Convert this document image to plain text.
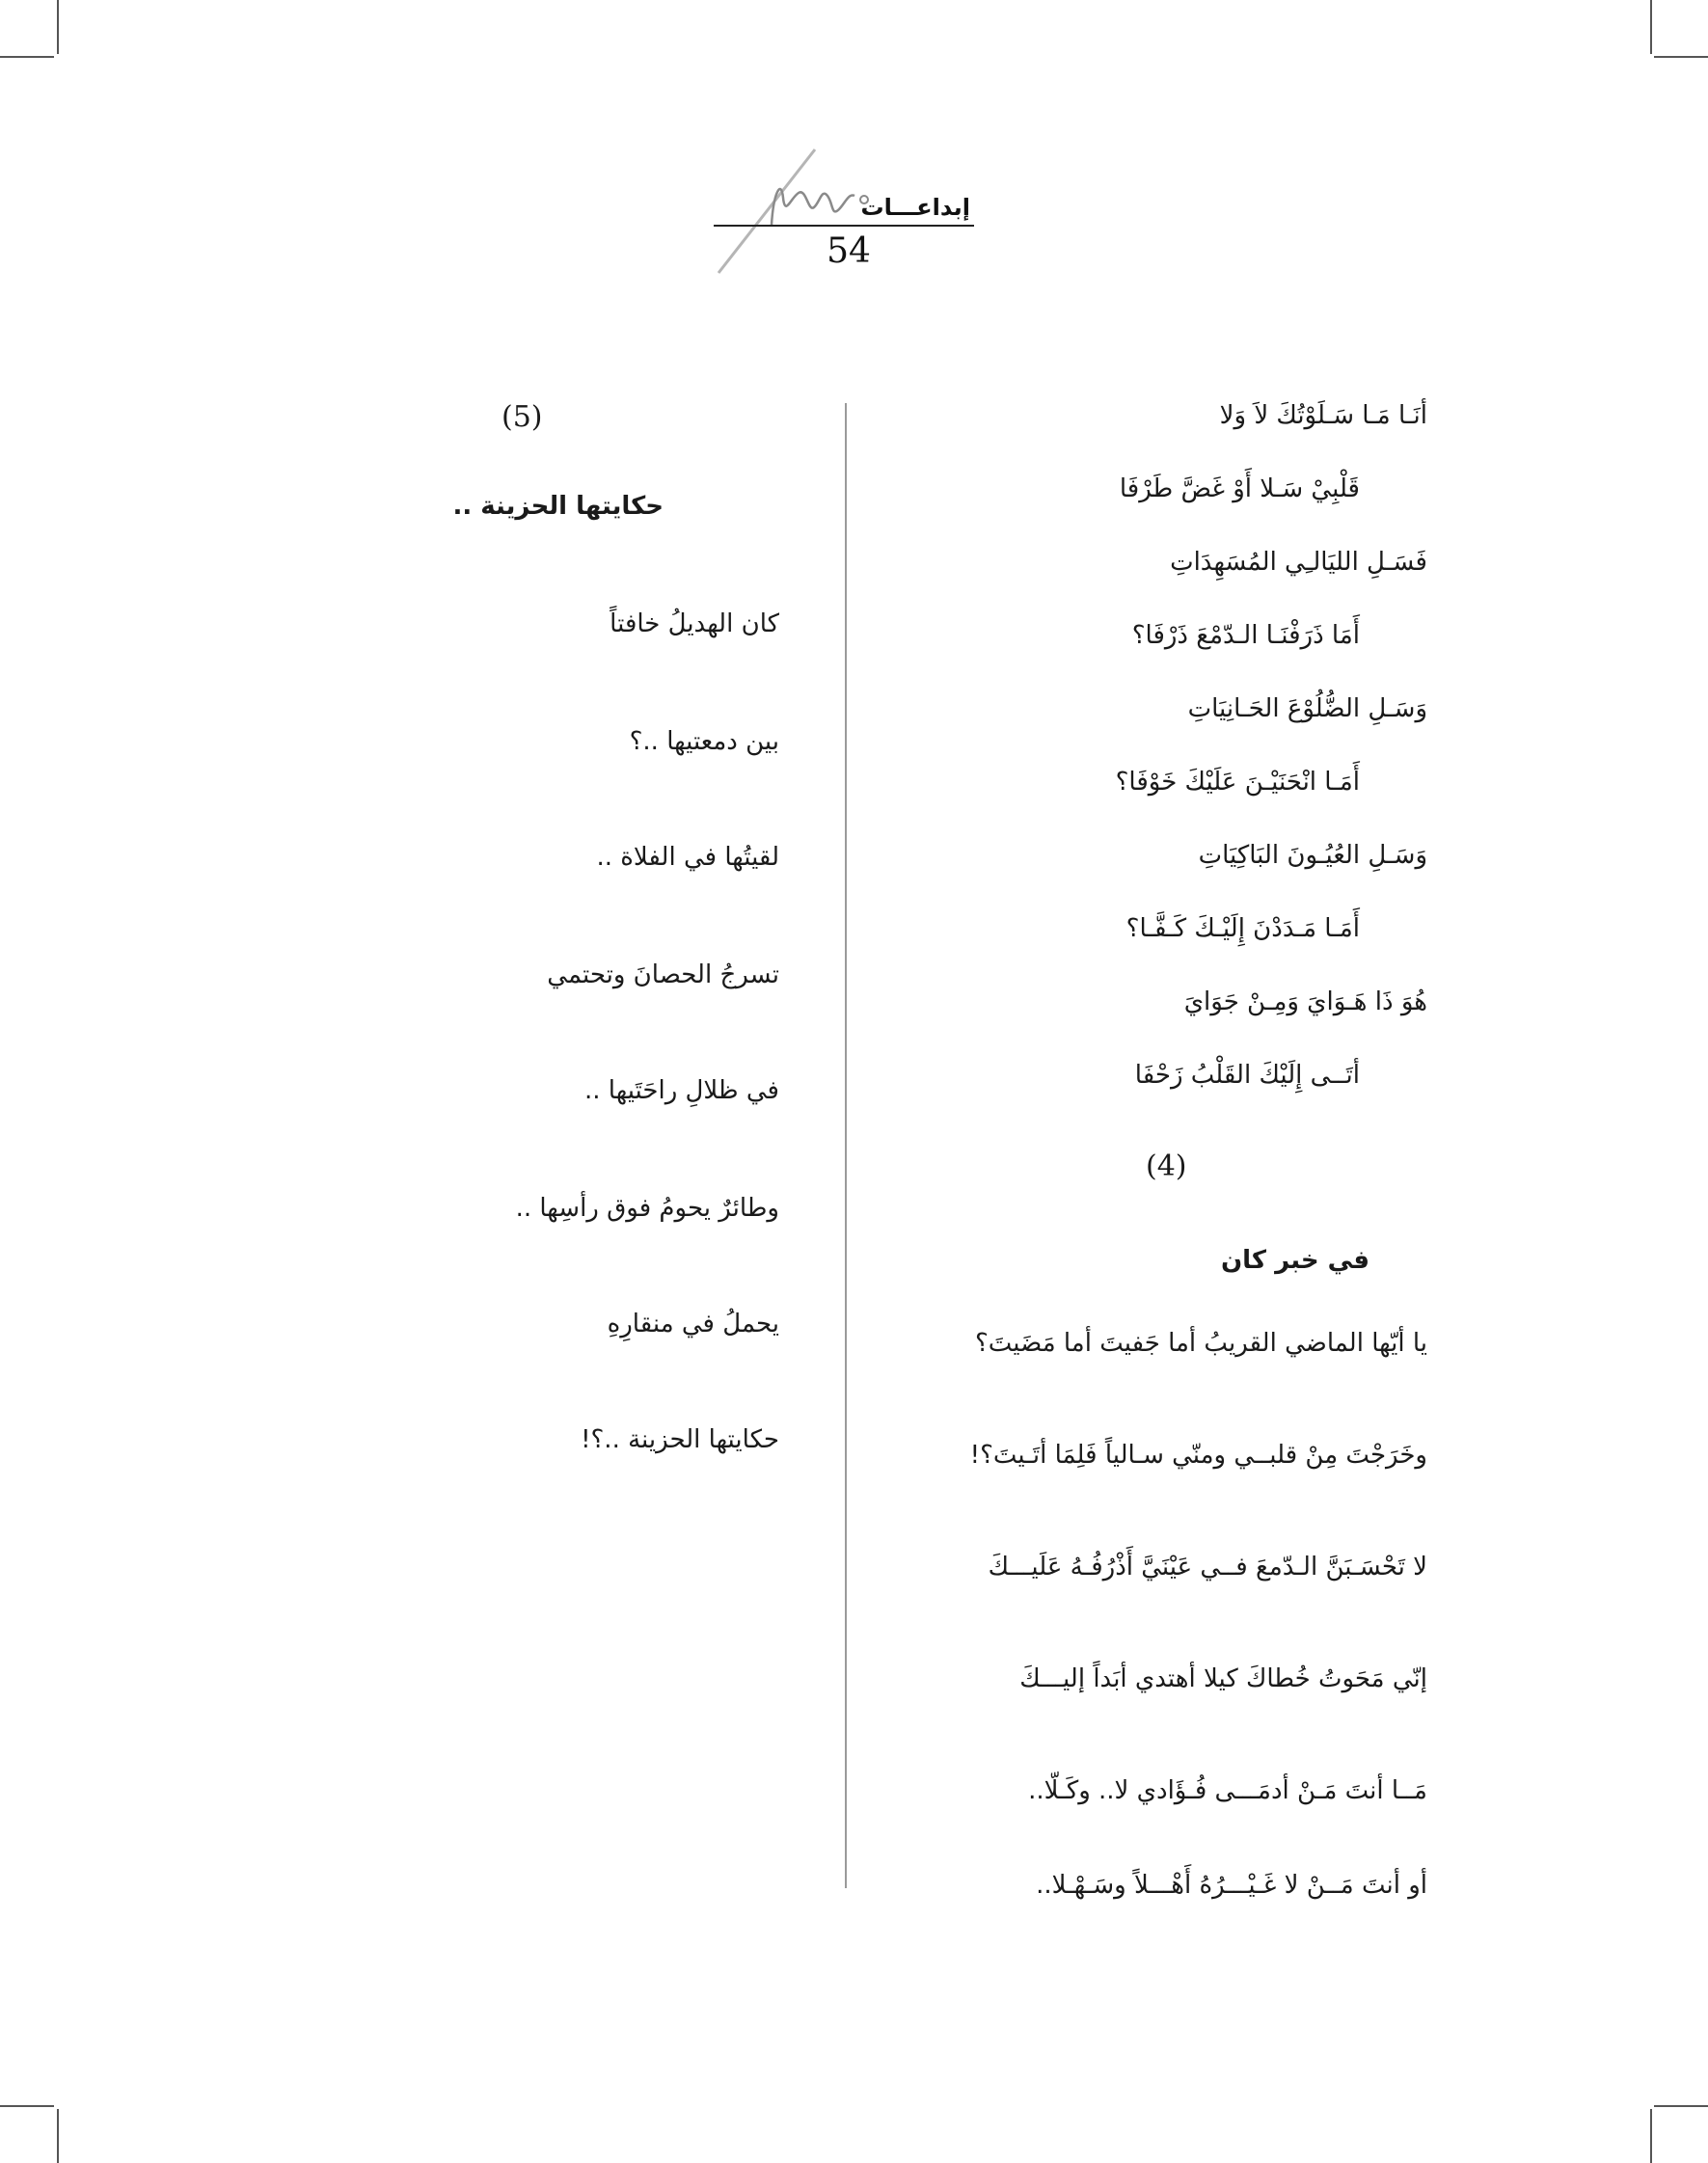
إبداعـــات
54
أنَـا مَـا سَـلَوْتُكَ لاَ وَلا
قَلْبِيْ سَـلا أَوْ غَضَّ طَرْفَا
فَسَـلِ الليَالـِي المُسَهِدَاتِ
أَمَا ذَرَفْنَـا الـدّمْعَ ذَرْفَا؟
وَسَـلِ الضُّلُوْعَ الحَـانِيَاتِ
أَمَـا انْحَنَيْـنَ عَلَيْكَ خَوْفَا؟
وَسَـلِ العُيُـونَ البَاكِيَاتِ
أَمَـا مَـدَدْنَ إِلَيْـكَ كَـفَّـا؟
هُوَ ذَا هَـوَايَ وَمِـنْ جَوَايَ
أتَــى إِلَيْكَ القَلْبُ زَحْفَا
(4)
في خبر كان
يا أيّها الماضي القريبُ أما جَفيتَ أما مَضَيتَ؟
وخَرَجْتَ مِنْ قلبــي ومنّي سـالياً فَلِمَا أتَـيتَ؟!
لا تَحْسَـبَنَّ الـدّمعَ فــي عَيْنَيَّ أَذْرُفُـهُ عَلَيـــكَ
إنّي مَحَوتُ خُطاكَ كيلا أهتدي أبَداً إليـــكَ
مَــا أنتَ مَـنْ أدمَـــى فُـؤَادي لا.. وكَـلّا..
أو أنتَ مَــنْ لا غَـيْـــرُهُ أَهْـــلاً وسَـهْـلا..
(5)
حكايتها الحزينة ..
كان الهديلُ خافتاً
بين دمعتيها ..؟
لقيتُها في الفلاة ..
تسرجُ الحصانَ وتحتمي
في ظلالِ راحَتَيها ..
وطائرٌ يحومُ فوق رأسِها ..
يحملُ في منقارِهِ
حكايتها الحزينة ..؟!
